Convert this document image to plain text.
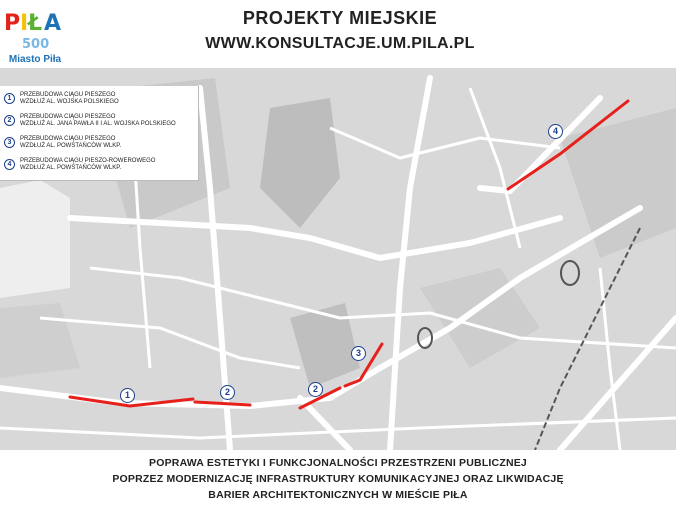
P I Ł A
500
Miasto Piła
PROJEKTY MIEJSKIE
WWW.KONSULTACJE.UM.PILA.PL
1	2	2
3
4
1	PRZEBUDOWA CIĄGU PIESZEGO
WZDŁUŻ AL. WOJSKA POLSKIEGO
2	PRZEBUDOWA CIĄGU PIESZEGO
WZDŁUŻ AL. JANA PAWŁA II I AL. WOJSKA POLSKIEGO
3	PRZEBUDOWA CIĄGU PIESZEGO
WZDŁUŻ AL. POWSTAŃCÓW WLKP.
4	PRZEBUDOWA CIĄGU PIESZO-ROWEROWEGO
WZDŁUŻ AL. POWSTAŃCÓW WLKP.
POPRAWA ESTETYKI I FUNKCJONALNOŚCI PRZESTRZENI PUBLICZNEJ
POPRZEZ MODERNIZACJĘ INFRASTRUKTURY KOMUNIKACYJNEJ ORAZ LIKWIDACJĘ
BARIER ARCHITEKTONICZNYCH W MIEŚCIE PIŁA
